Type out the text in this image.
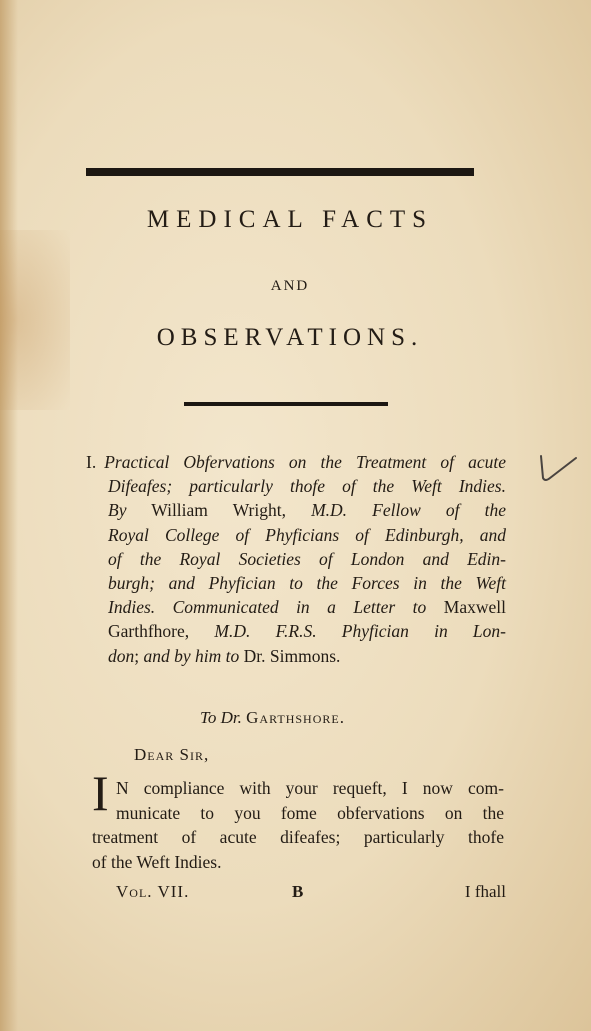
MEDICAL FACTS
AND
OBSERVATIONS.
I. Practical Obfervations on the Treatment of acute
Difeafes; particularly thofe of the Weft Indies.
By William Wright, M.D. Fellow of the
Royal College of Phyficians of Edinburgh, and
of the Royal Societies of London and Edin-
burgh; and Phyfician to the Forces in the Weft
Indies. Communicated in a Letter to Maxwell
Garthfhore, M.D. F.R.S. Phyfician in Lon-
don; and by him to Dr. Simmons.
To Dr. Garthshore.
Dear Sir,
I N compliance with your requeft, I now com-
municate to you fome obfervations on the
treatment of acute difeafes; particularly thofe
of the Weft Indies.
Vol. VII.	B	I fhall
